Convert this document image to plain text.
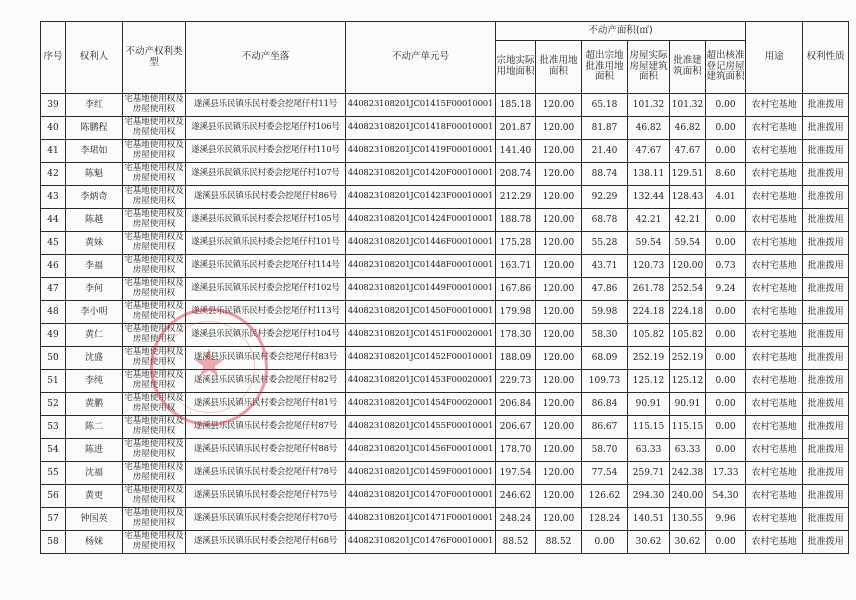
序号	权利人	不动产权利类型	不动产坐落	不动产单元号	不动产面积(㎡)						用途	权利性质
					宗地实际用地面积	批准用地面积	超出宗地批准用地面积	房屋实际房屋建筑面积	批准建筑面积	超出核准登记房屋建筑面积		
39	李红	宅基地使用权及房屋使用权	遂溪县乐民镇乐民村委会挖尾仔村11号	440823108201JC01415F00010001	185.18	120.00	65.18	101.32	101.32	0.00	农村宅基地	批准拨用
40	陈鹏程	宅基地使用权及房屋使用权	遂溪县乐民镇乐民村委会挖尾仔村106号	440823108201JC01418F00010001	201.87	120.00	81.87	46.82	46.82	0.00	农村宅基地	批准拨用
41	李珺如	宅基地使用权及房屋使用权	遂溪县乐民镇乐民村委会挖尾仔村110号	440823108201JC01419F00010001	141.40	120.00	21.40	47.67	47.67	0.00	农村宅基地	批准拨用
42	陈魁	宅基地使用权及房屋使用权	遂溪县乐民镇乐民村委会挖尾仔村107号	440823108201JC01420F00010001	208.74	120.00	88.74	138.11	129.51	8.60	农村宅基地	批准拨用
43	李炳奇	宅基地使用权及房屋使用权	遂溪县乐民镇乐民村委会挖尾仔村86号	440823108201JC01423F00010001	212.29	120.00	92.29	132.44	128.43	4.01	农村宅基地	批准拨用
44	陈越	宅基地使用权及房屋使用权	遂溪县乐民镇乐民村委会挖尾仔村105号	440823108201JC01424F00010001	188.78	120.00	68.78	42.21	42.21	0.00	农村宅基地	批准拨用
45	黄妹	宅基地使用权及房屋使用权	遂溪县乐民镇乐民村委会挖尾仔村101号	440823108201JC01446F00010001	175.28	120.00	55.28	59.54	59.54	0.00	农村宅基地	批准拨用
46	李福	宅基地使用权及房屋使用权	遂溪县乐民镇乐民村委会挖尾仔村114号	440823108201JC01448F00010001	163.71	120.00	43.71	120.73	120.00	0.73	农村宅基地	批准拨用
47	李何	宅基地使用权及房屋使用权	遂溪县乐民镇乐民村委会挖尾仔村102号	440823108201JC01449F00010001	167.86	120.00	47.86	261.78	252.54	9.24	农村宅基地	批准拨用
48	李小明	宅基地使用权及房屋使用权	遂溪县乐民镇乐民村委会挖尾仔村113号	440823108201JC01450F00010001	179.98	120.00	59.98	224.18	224.18	0.00	农村宅基地	批准拨用
49	黄仁	宅基地使用权及房屋使用权	遂溪县乐民镇乐民村委会挖尾仔村104号	440823108201JC01451F00020001	178.30	120.00	58.30	105.82	105.82	0.00	农村宅基地	批准拨用
50	沈盛	宅基地使用权及房屋使用权	遂溪县乐民镇乐民村委会挖尾仔村83号	440823108201JC01452F00010001	188.09	120.00	68.09	252.19	252.19	0.00	农村宅基地	批准拨用
51	李纯	宅基地使用权及房屋使用权	遂溪县乐民镇乐民村委会挖尾仔村82号	440823108201JC01453F00020001	229.73	120.00	109.73	125.12	125.12	0.00	农村宅基地	批准拨用
52	黄鹏	宅基地使用权及房屋使用权	遂溪县乐民镇乐民村委会挖尾仔村81号	440823108201JC01454F00020001	206.84	120.00	86.84	90.91	90.91	0.00	农村宅基地	批准拨用
53	陈二	宅基地使用权及房屋使用权	遂溪县乐民镇乐民村委会挖尾仔村87号	440823108201JC01455F00010001	206.67	120.00	86.67	115.15	115.15	0.00	农村宅基地	批准拨用
54	陈进	宅基地使用权及房屋使用权	遂溪县乐民镇乐民村委会挖尾仔村88号	440823108201JC01456F00010001	178.70	120.00	58.70	63.33	63.33	0.00	农村宅基地	批准拨用
55	沈福	宅基地使用权及房屋使用权	遂溪县乐民镇乐民村委会挖尾仔村78号	440823108201JC01459F00010001	197.54	120.00	77.54	259.71	242.38	17.33	农村宅基地	批准拨用
56	黄更	宅基地使用权及房屋使用权	遂溪县乐民镇乐民村委会挖尾仔村75号	440823108201JC01470F00010001	246.62	120.00	126.62	294.30	240.00	54.30	农村宅基地	批准拨用
57	钟国英	宅基地使用权及房屋使用权	遂溪县乐民镇乐民村委会挖尾仔村70号	440823108201JC01471F00010001	248.24	120.00	128.24	140.51	130.55	9.96	农村宅基地	批准拨用
58	杨妹	宅基地使用权及房屋使用权	遂溪县乐民镇乐民村委会挖尾仔村68号	440823108201JC01476F00010001	88.52	88.52	0.00	30.62	30.62	0.00	农村宅基地	批准拨用
★
